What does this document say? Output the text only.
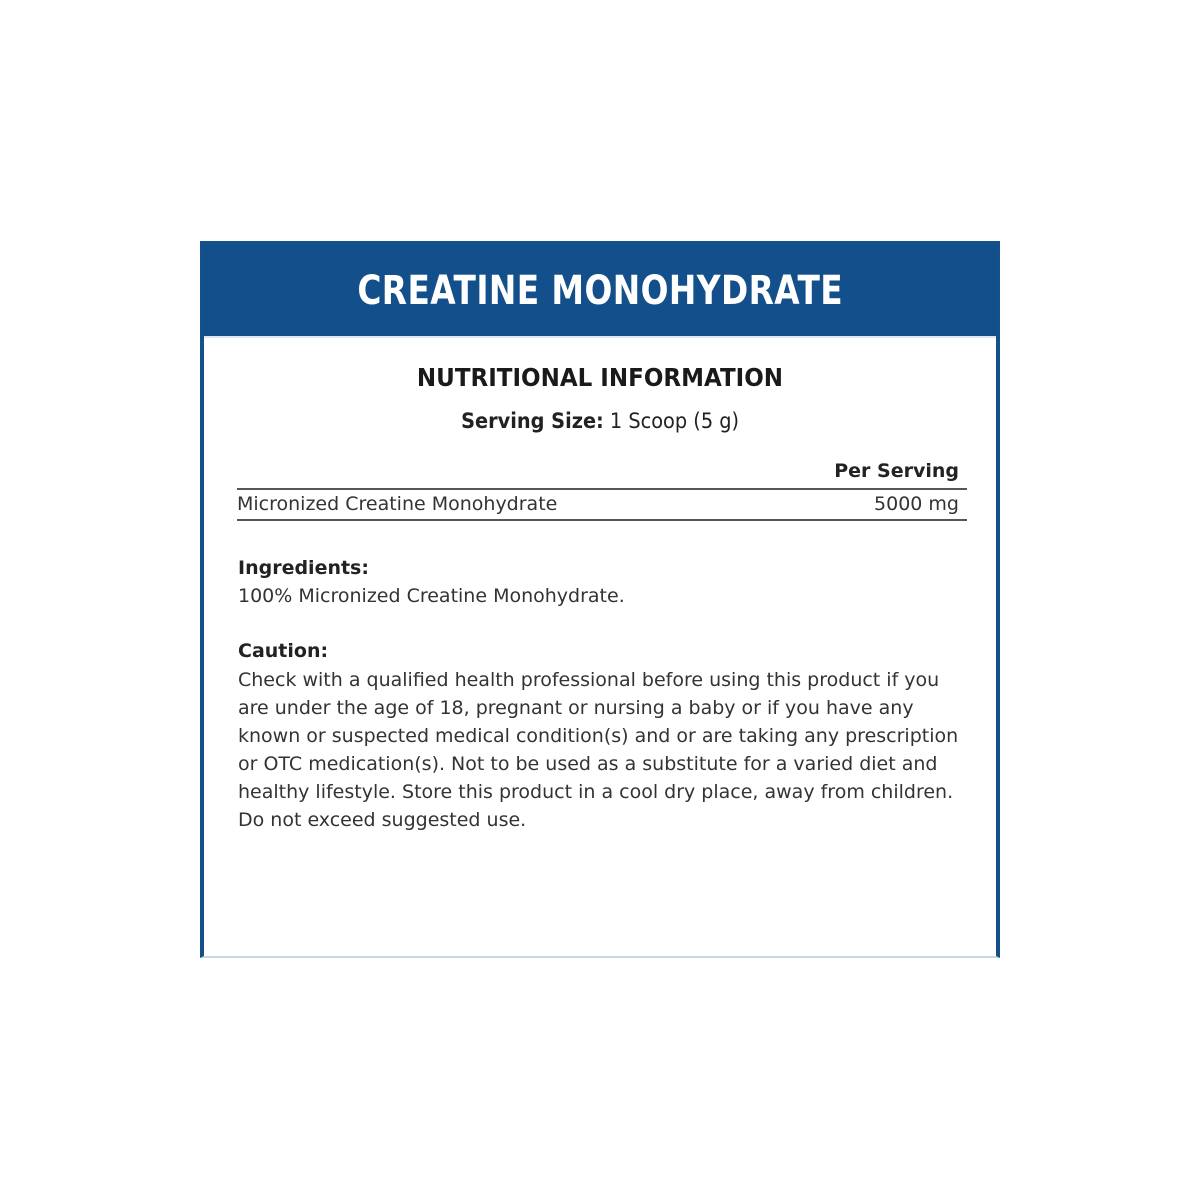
CREATINE MONOHYDRATE
NUTRITIONAL INFORMATION
Serving Size: 1 Scoop (5 g)
Per Serving
Micronized Creatine Monohydrate	5000 mg
Ingredients:
100% Micronized Creatine Monohydrate.
Caution:
Check with a qualified health professional before using this product if you are under the age of 18, pregnant or nursing a baby or if you have any known or suspected medical condition(s) and or are taking any prescription or OTC medication(s). Not to be used as a substitute for a varied diet and healthy lifestyle. Store this product in a cool dry place, away from children. Do not exceed suggested use.
